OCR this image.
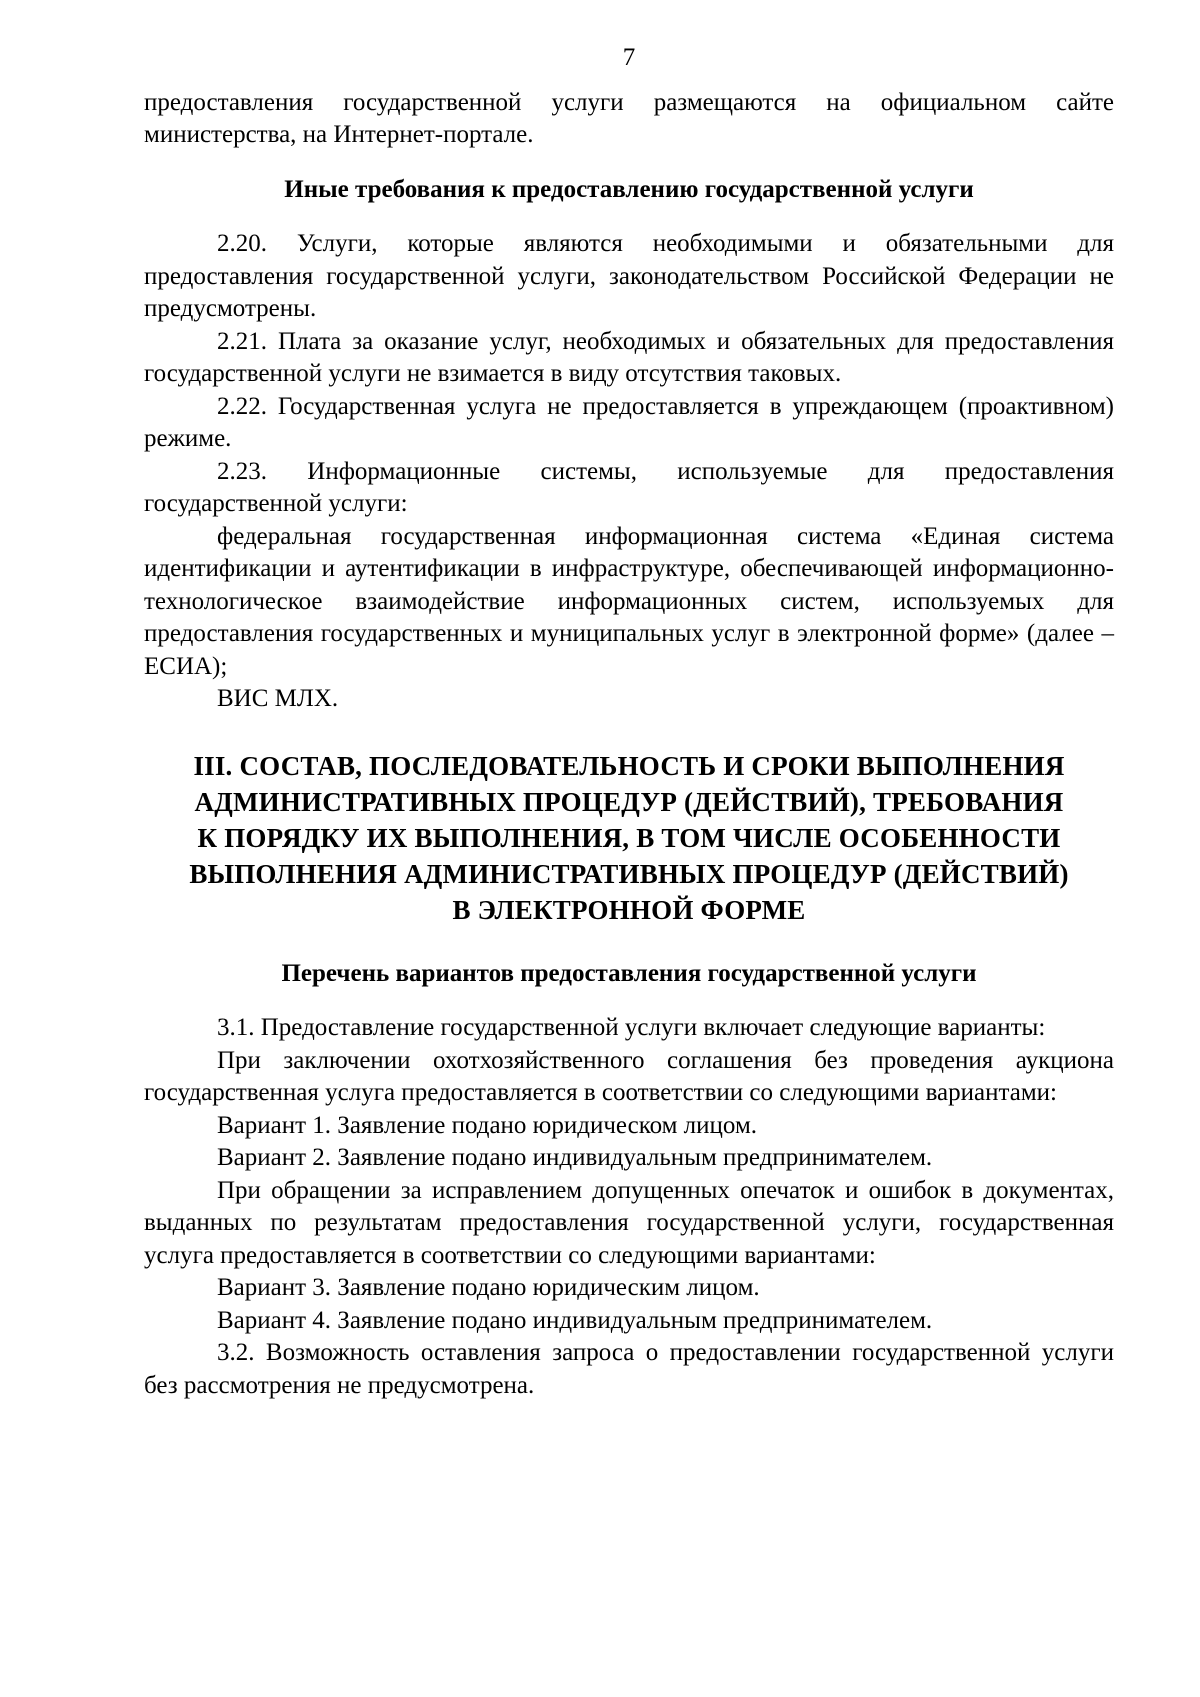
7

предоставления государственной услуги размещаются на официальном сайте министерства, на Интернет-портале.

Иные требования к предоставлению государственной услуги

2.20. Услуги, которые являются необходимыми и обязательными для предоставления государственной услуги, законодательством Российской Федерации не предусмотрены.

2.21. Плата за оказание услуг, необходимых и обязательных для предоставления государственной услуги не взимается в виду отсутствия таковых.

2.22. Государственная услуга не предоставляется в упреждающем (проактивном) режиме.

2.23. Информационные системы, используемые для предоставления государственной услуги:

федеральная государственная информационная система «Единая система идентификации и аутентификации в инфраструктуре, обеспечивающей информационно-технологическое взаимодействие информационных систем, используемых для предоставления государственных и муниципальных услуг в электронной форме» (далее – ЕСИА);

ВИС МЛХ.

III. СОСТАВ, ПОСЛЕДОВАТЕЛЬНОСТЬ И СРОКИ ВЫПОЛНЕНИЯ
АДМИНИСТРАТИВНЫХ ПРОЦЕДУР (ДЕЙСТВИЙ), ТРЕБОВАНИЯ
К ПОРЯДКУ ИХ ВЫПОЛНЕНИЯ, В ТОМ ЧИСЛЕ ОСОБЕННОСТИ
ВЫПОЛНЕНИЯ АДМИНИСТРАТИВНЫХ ПРОЦЕДУР (ДЕЙСТВИЙ)
В ЭЛЕКТРОННОЙ ФОРМЕ
Перечень вариантов предоставления государственной услуги

3.1. Предоставление государственной услуги включает следующие варианты:

При заключении охотхозяйственного соглашения без проведения аукциона государственная услуга предоставляется в соответствии со следующими вариантами:

Вариант 1. Заявление подано юридическом лицом.

Вариант 2. Заявление подано индивидуальным предпринимателем.

При обращении за исправлением допущенных опечаток и ошибок в документах, выданных по результатам предоставления государственной услуги, государственная услуга предоставляется в соответствии со следующими вариантами:

Вариант 3. Заявление подано юридическим лицом.

Вариант 4. Заявление подано индивидуальным предпринимателем.

3.2. Возможность оставления запроса о предоставлении государственной услуги без рассмотрения не предусмотрена.
